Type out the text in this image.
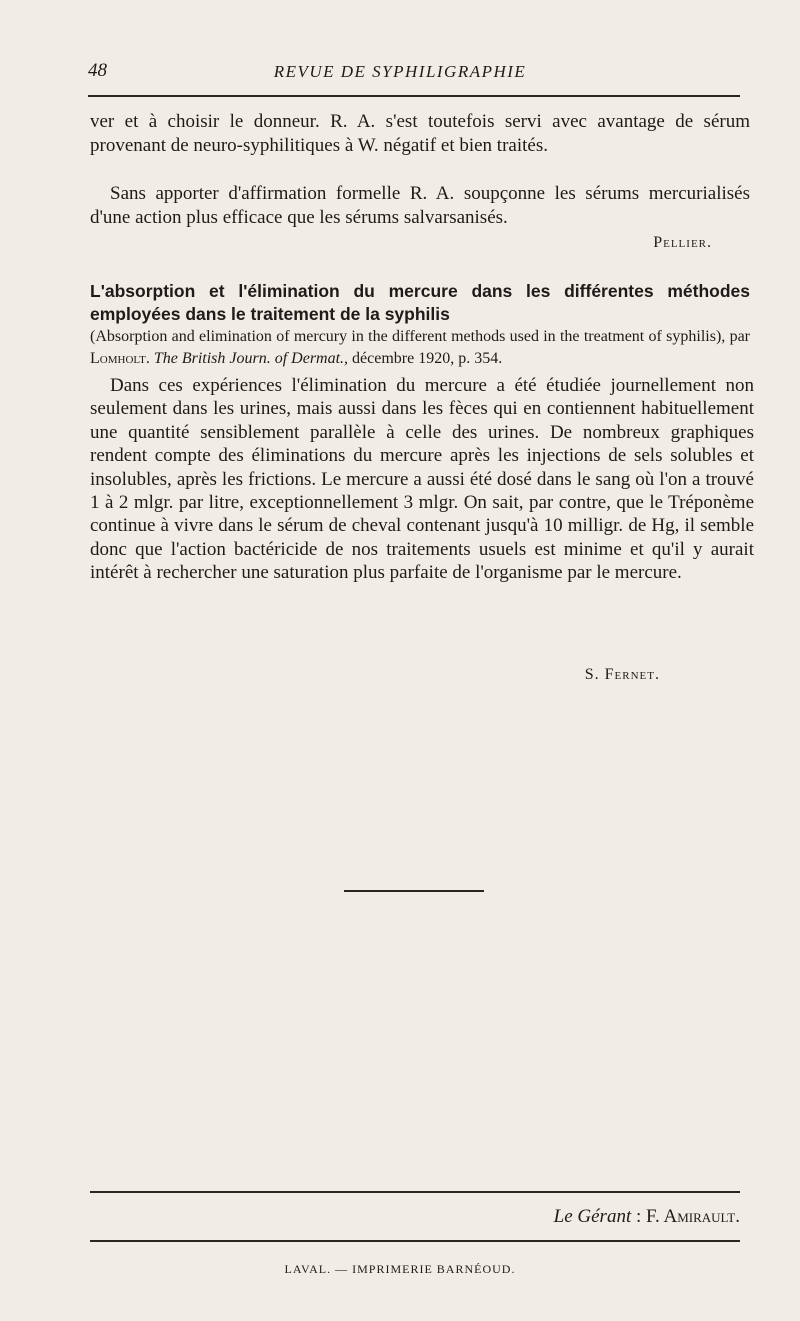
48	REVUE DE SYPHILIGRAPHIE
ver et à choisir le donneur. R. A. s'est toutefois servi avec avantage de sérum provenant de neuro-syphilitiques à W. négatif et bien traités.
Sans apporter d'affirmation formelle R. A. soupçonne les sérums mercurialisés d'une action plus efficace que les sérums salvarsanisés.
Pellier.
L'absorption et l'élimination du mercure dans les différentes méthodes employées dans le traitement de la syphilis
(Absorption and elimination of mercury in the different methods used in the treatment of syphilis), par Lomholt. The British Journ. of Dermat., décembre 1920, p. 354.
Dans ces expériences l'élimination du mercure a été étudiée journellement non seulement dans les urines, mais aussi dans les fèces qui en contiennent habituellement une quantité sensiblement parallèle à celle des urines. De nombreux graphiques rendent compte des éliminations du mercure après les injections de sels solubles et insolubles, après les frictions. Le mercure a aussi été dosé dans le sang où l'on a trouvé 1 à 2 mlgr. par litre, exceptionnellement 3 mlgr. On sait, par contre, que le Tréponème continue à vivre dans le sérum de cheval contenant jusqu'à 10 milligr. de Hg, il semble donc que l'action bactéricide de nos traitements usuels est minime et qu'il y aurait intérêt à rechercher une saturation plus parfaite de l'organisme par le mercure.
S. Fernet.
Le Gérant : F. Amirault.
LAVAL. — IMPRIMERIE BARNÉOUD.
